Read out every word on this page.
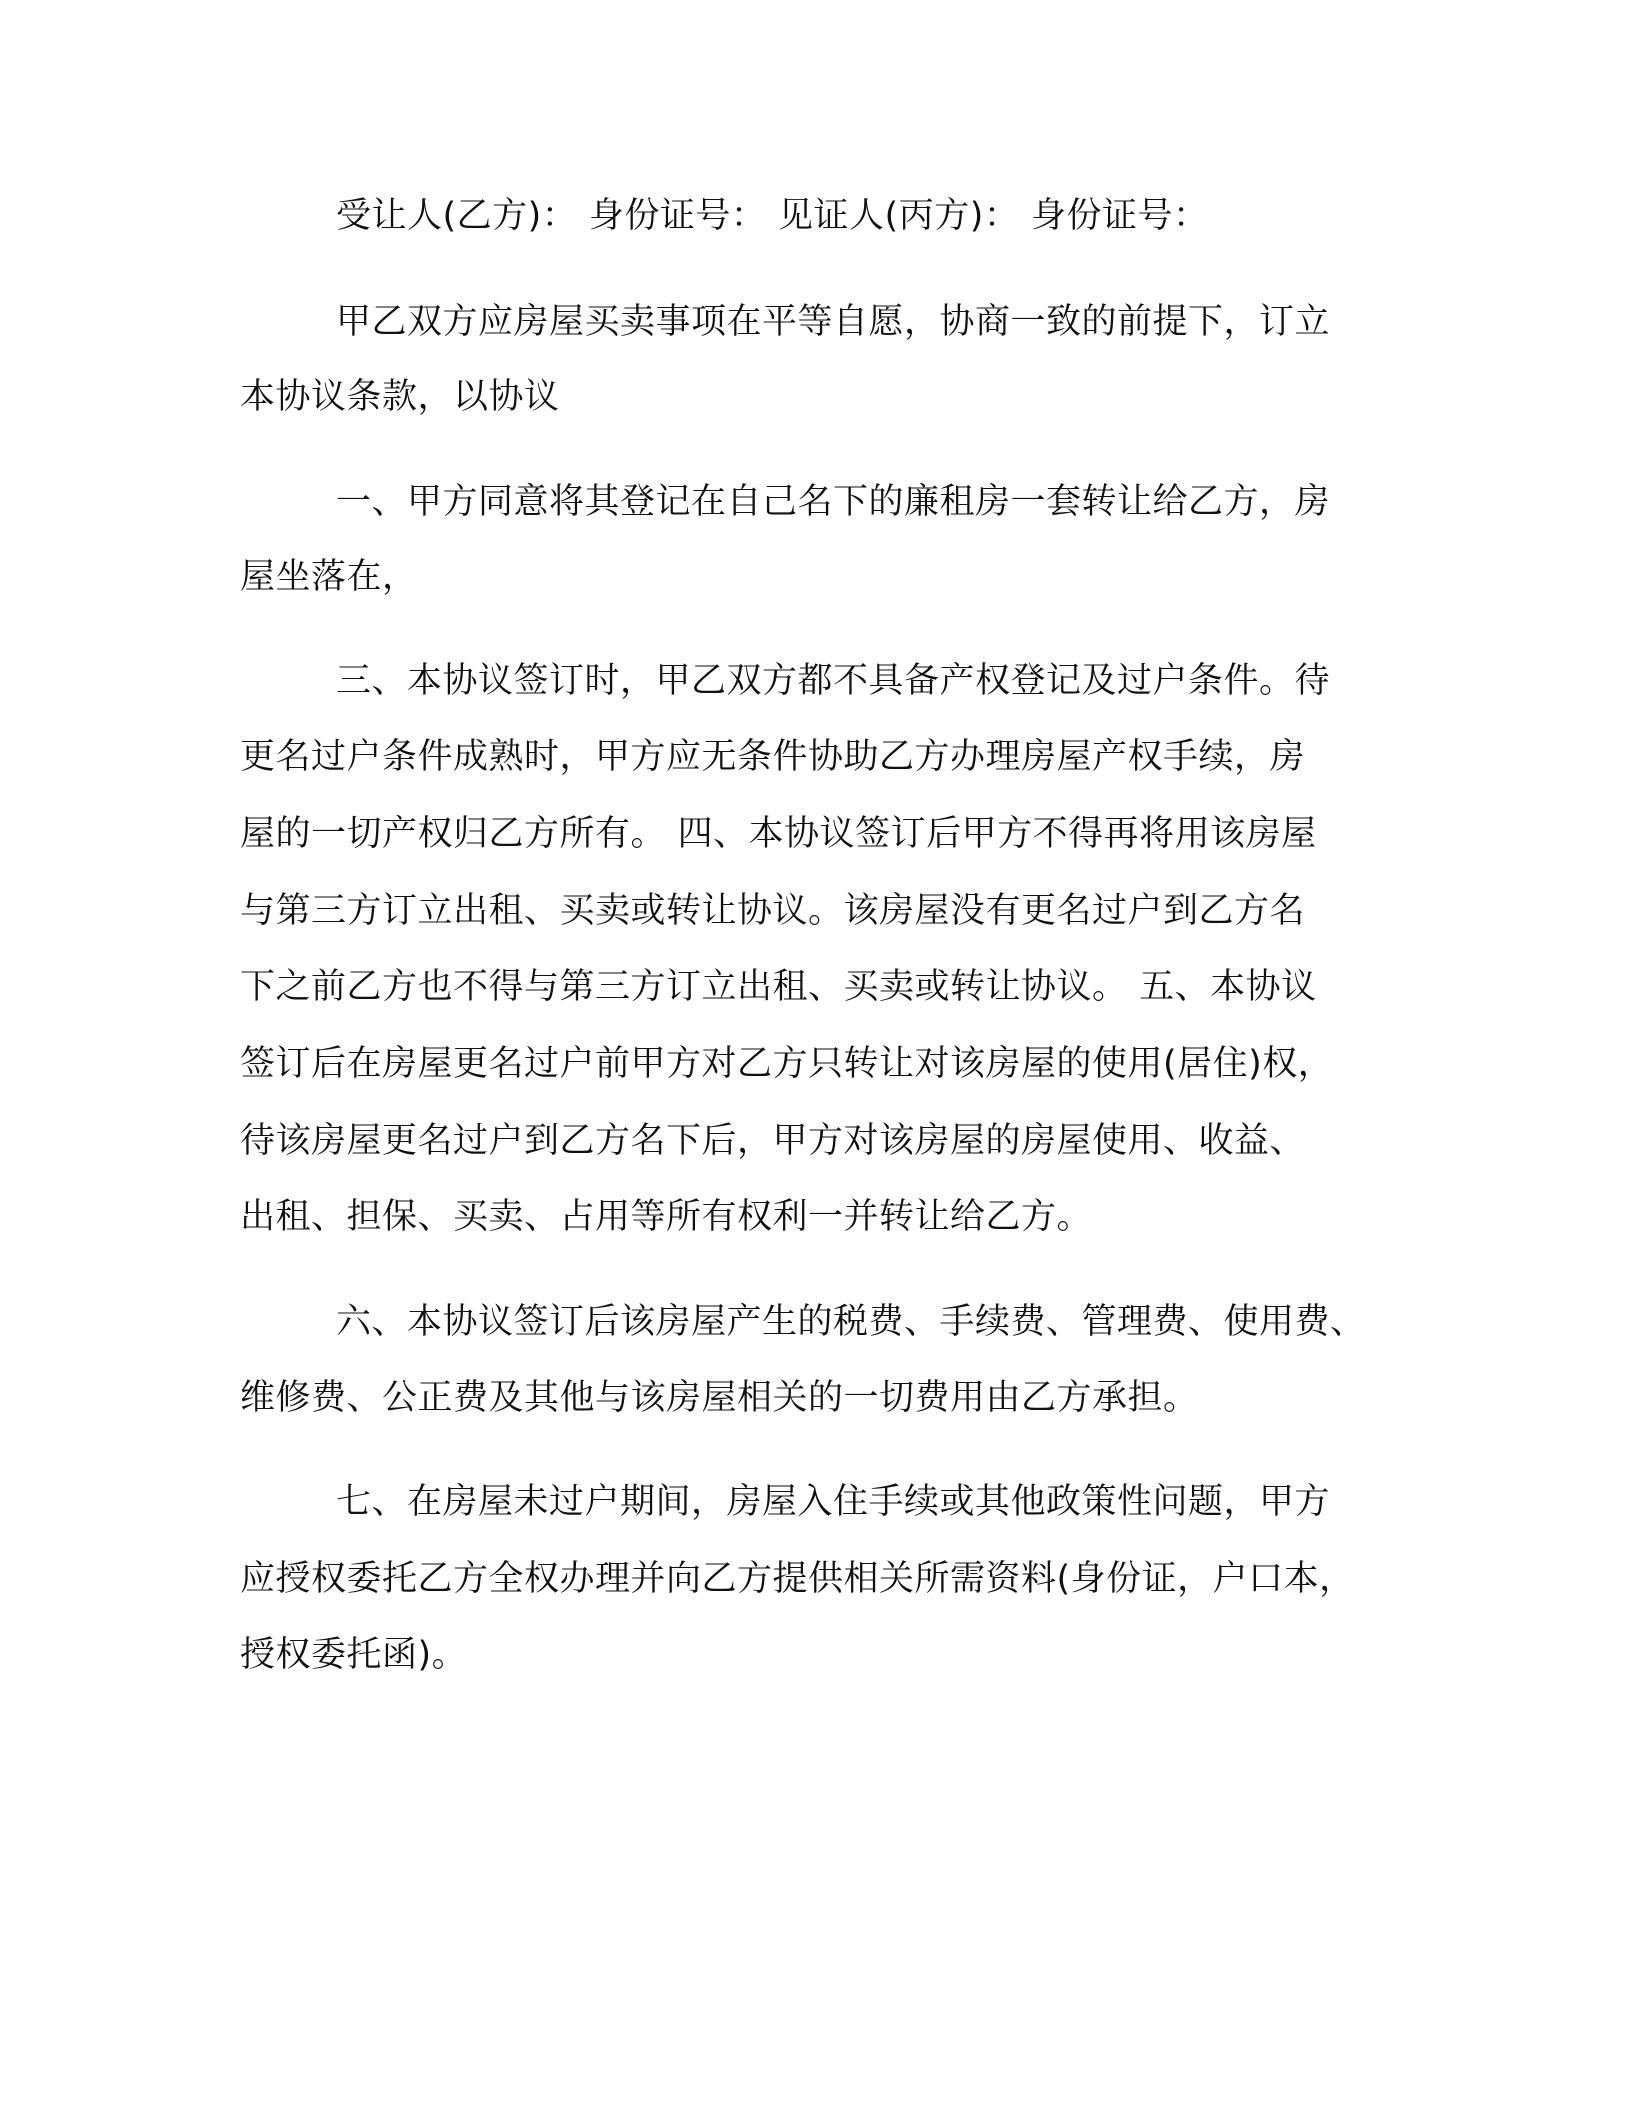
受让人(乙方)： 身份证号： 见证人(丙方)： 身份证号：
甲乙双方应房屋买卖事项在平等自愿，协商一致的前提下，订立
本协议条款，以协议
一、甲方同意将其登记在自己名下的廉租房一套转让给乙方，房
屋坐落在，
三、本协议签订时，甲乙双方都不具备产权登记及过户条件。待
更名过户条件成熟时，甲方应无条件协助乙方办理房屋产权手续，房
屋的一切产权归乙方所有。 四、本协议签订后甲方不得再将用该房屋
与第三方订立出租、买卖或转让协议。该房屋没有更名过户到乙方名
下之前乙方也不得与第三方订立出租、买卖或转让协议。 五、本协议
签订后在房屋更名过户前甲方对乙方只转让对该房屋的使用(居住)权，
待该房屋更名过户到乙方名下后，甲方对该房屋的房屋使用、收益、
出租、担保、买卖、占用等所有权利一并转让给乙方。
六、本协议签订后该房屋产生的税费、手续费、管理费、使用费、
维修费、公正费及其他与该房屋相关的一切费用由乙方承担。
七、在房屋未过户期间，房屋入住手续或其他政策性问题，甲方
应授权委托乙方全权办理并向乙方提供相关所需资料(身份证，户口本，
授权委托函)。
